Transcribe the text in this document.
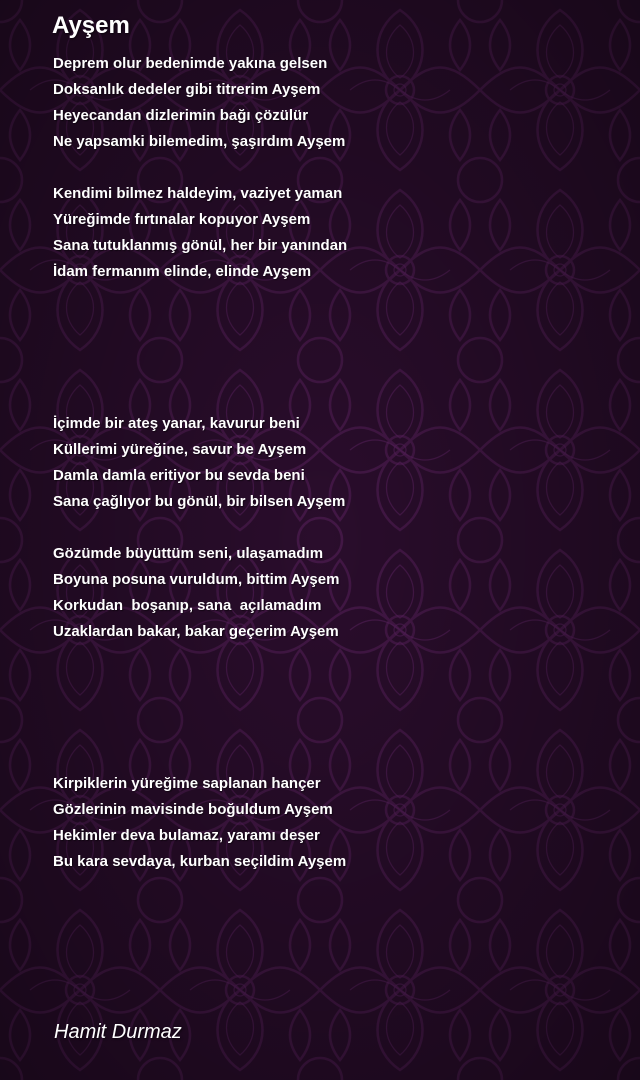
Ayşem
Deprem olur bedenimde yakına gelsen
Doksanlık dedeler gibi titrerim Ayşem
Heyecandan dizlerimin bağı çözülür
Ne yapsamki bilemedim, şaşırdım Ayşem
Kendimi bilmez haldeyim, vaziyet yaman
Yüreğimde fırtınalar kopuyor Ayşem
Sana tutuklanmış gönül, her bir yanından
İdam fermanım elinde, elinde Ayşem
İçimde bir ateş yanar, kavurur beni
Küllerimi yüreğine, savur be Ayşem
Damla damla eritiyor bu sevda beni
Sana çağlıyor bu gönül, bir bilsen Ayşem
Gözümde büyüttüm seni, ulaşamadım
Boyuna posuna vuruldum, bittim Ayşem
Korkudan  boşanıp, sana  açılamadım
Uzaklardan bakar, bakar geçerim Ayşem
Kirpiklerin yüreğime saplanan hançer
Gözlerinin mavisinde boğuldum Ayşem
Hekimler deva bulamaz, yaramı deşer
Bu kara sevdaya, kurban seçildim Ayşem
Hamit Durmaz
